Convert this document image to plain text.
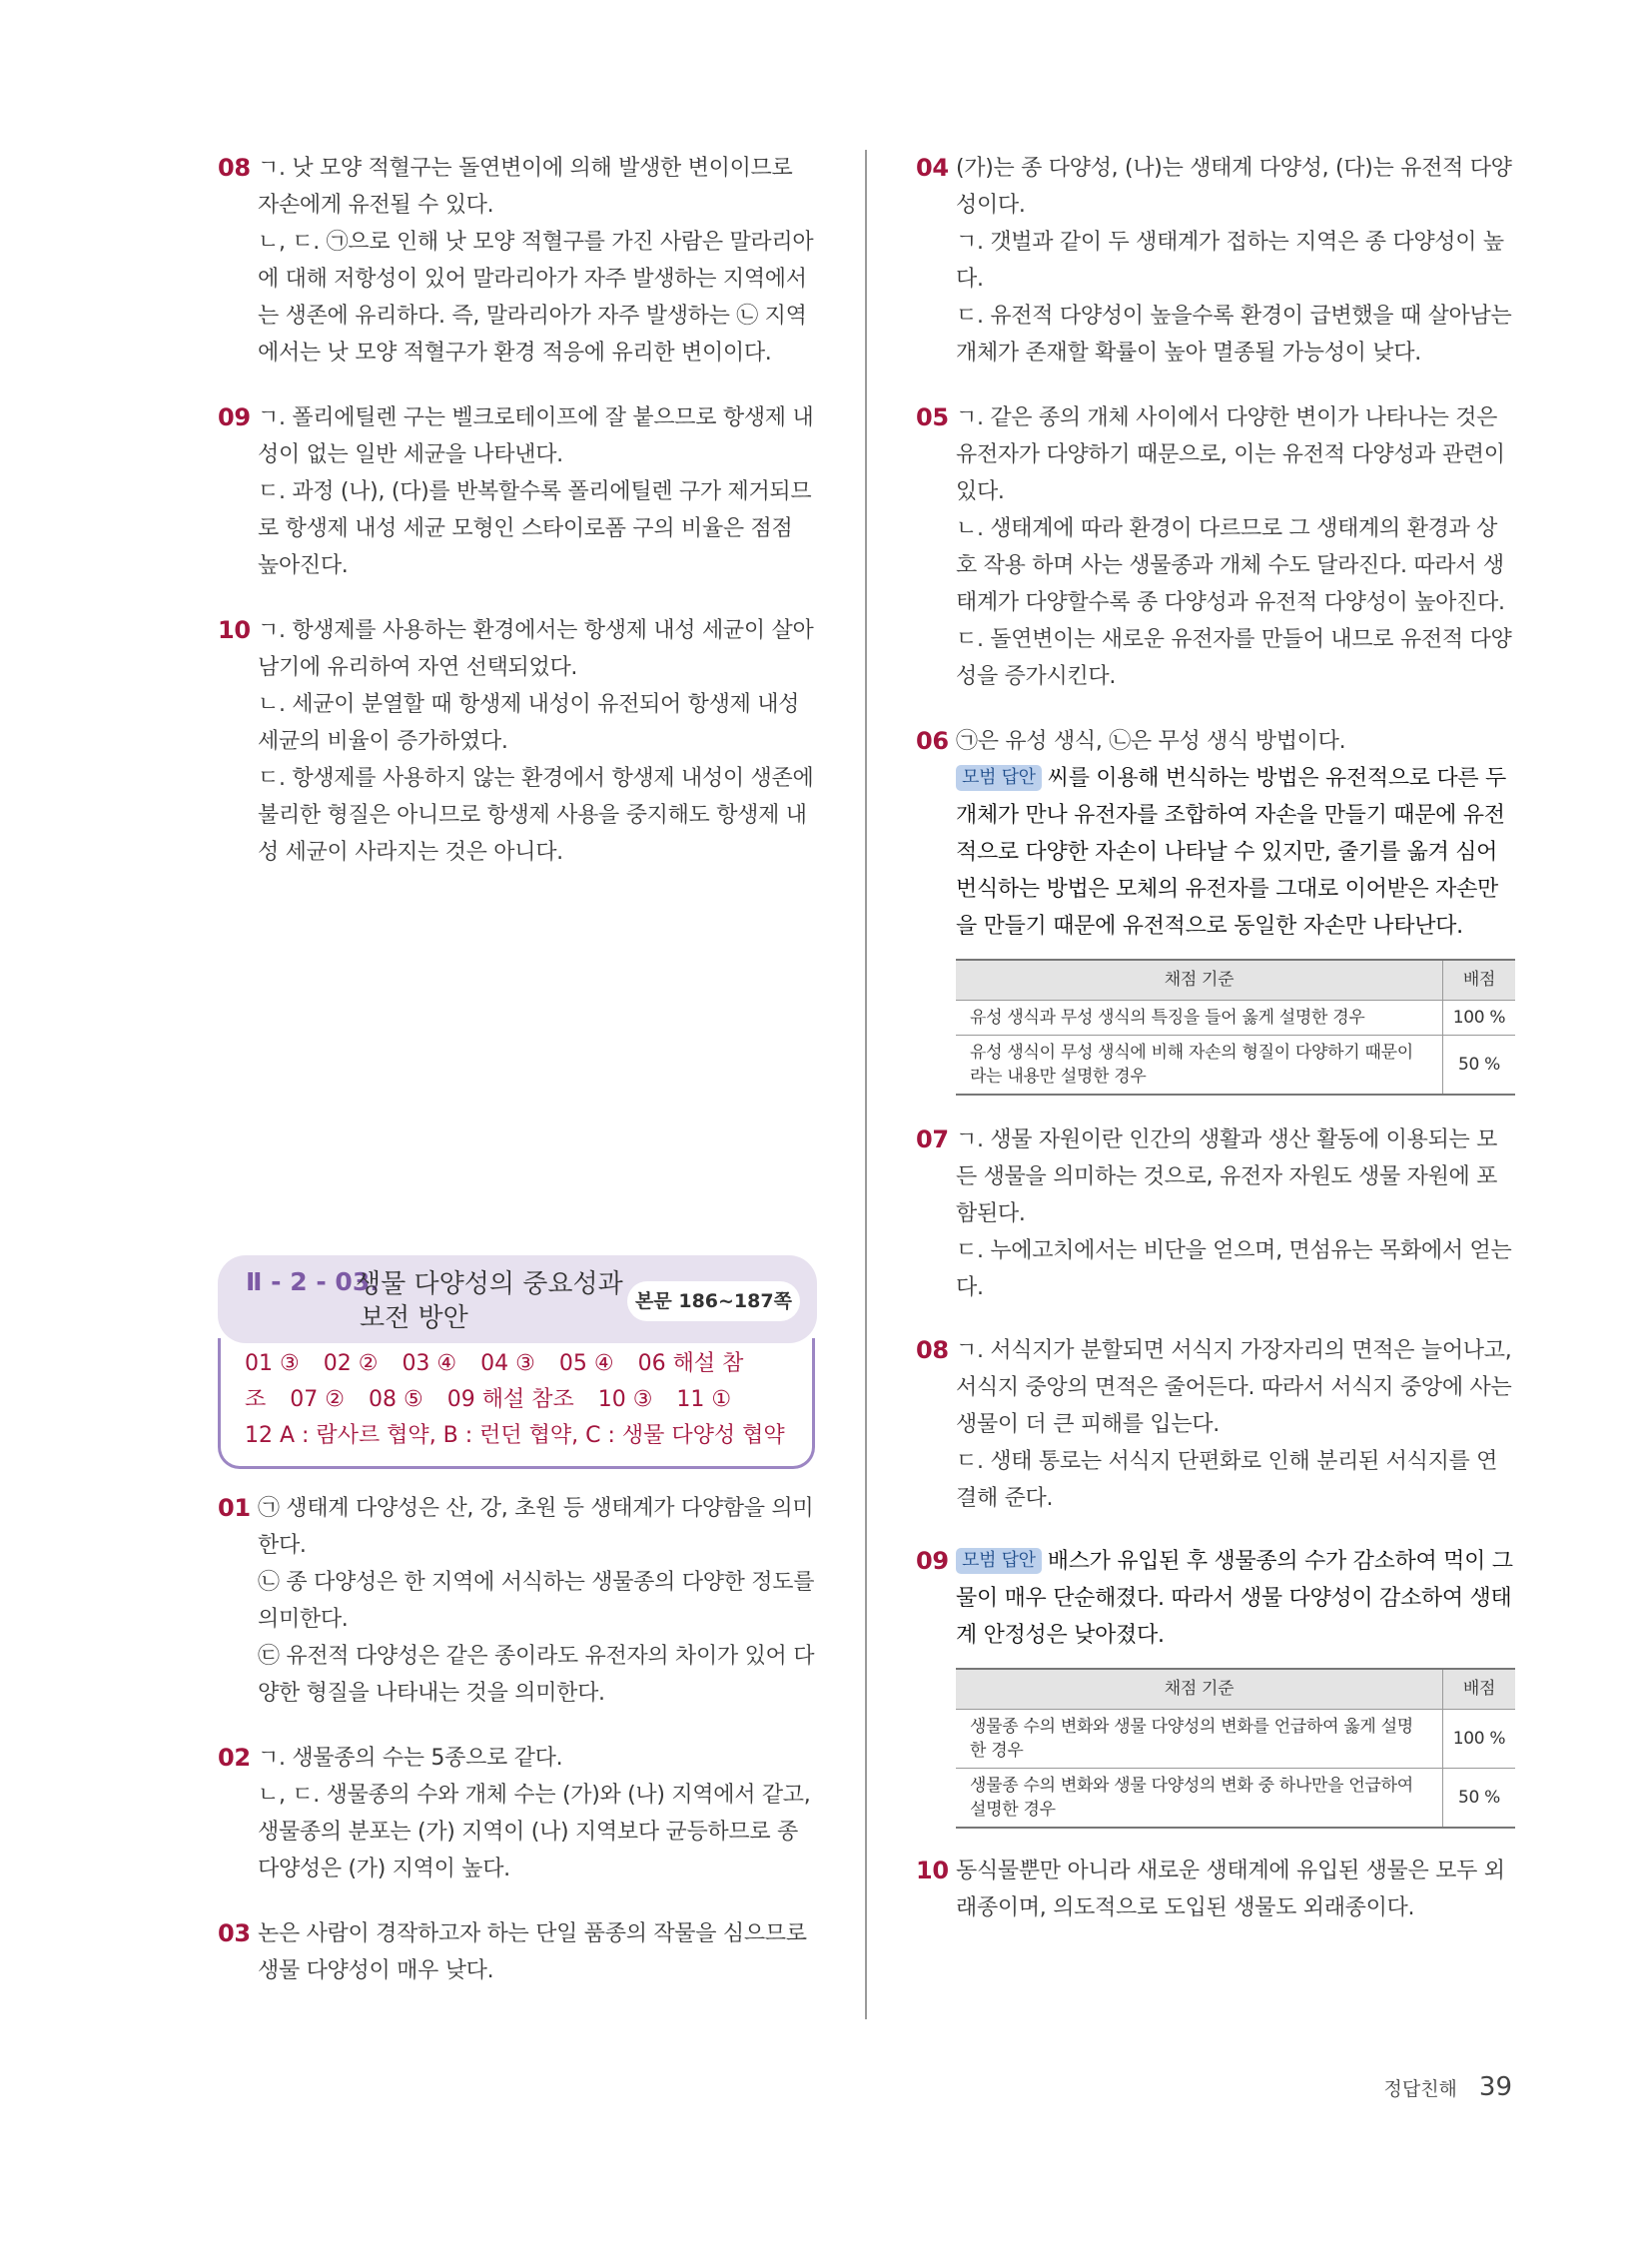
08 ㄱ. 낫 모양 적혈구는 돌연변이에 의해 발생한 변이이므로 자손에게 유전될 수 있다.

ㄴ, ㄷ. ㉠으로 인해 낫 모양 적혈구를 가진 사람은 말라리아에 대해 저항성이 있어 말라리아가 자주 발생하는 지역에서는 생존에 유리하다. 즉, 말라리아가 자주 발생하는 ㉡ 지역에서는 낫 모양 적혈구가 환경 적응에 유리한 변이이다.

09 ㄱ. 폴리에틸렌 구는 벨크로테이프에 잘 붙으므로 항생제 내성이 없는 일반 세균을 나타낸다.

ㄷ. 과정 (나), (다)를 반복할수록 폴리에틸렌 구가 제거되므로 항생제 내성 세균 모형인 스타이로폼 구의 비율은 점점 높아진다.

10 ㄱ. 항생제를 사용하는 환경에서는 항생제 내성 세균이 살아남기에 유리하여 자연 선택되었다.

ㄴ. 세균이 분열할 때 항생제 내성이 유전되어 항생제 내성 세균의 비율이 증가하였다.

ㄷ. 항생제를 사용하지 않는 환경에서 항생제 내성이 생존에 불리한 형질은 아니므로 항생제 사용을 중지해도 항생제 내성 세균이 사라지는 것은 아니다.

Ⅱ - 2 - 03.
생물 다양성의 중요성과
보전 방안
본문 186~187쪽
01 ③ 02 ② 03 ④ 04 ③ 05 ④ 06 해설 참
조 07 ② 08 ⑤ 09 해설 참조 10 ③ 11 ①
12 A : 람사르 협약, B : 런던 협약, C : 생물 다양성 협약
01 ㉠ 생태계 다양성은 산, 강, 초원 등 생태계가 다양함을 의미한다.

㉡ 종 다양성은 한 지역에 서식하는 생물종의 다양한 정도를 의미한다.

㉢ 유전적 다양성은 같은 종이라도 유전자의 차이가 있어 다양한 형질을 나타내는 것을 의미한다.

02 ㄱ. 생물종의 수는 5종으로 같다.

ㄴ, ㄷ. 생물종의 수와 개체 수는 (가)와 (나) 지역에서 같고, 생물종의 분포는 (가) 지역이 (나) 지역보다 균등하므로 종 다양성은 (가) 지역이 높다.

03 논은 사람이 경작하고자 하는 단일 품종의 작물을 심으므로 생물 다양성이 매우 낮다.

04 (가)는 종 다양성, (나)는 생태계 다양성, (다)는 유전적 다양성이다.

ㄱ. 갯벌과 같이 두 생태계가 접하는 지역은 종 다양성이 높다.

ㄷ. 유전적 다양성이 높을수록 환경이 급변했을 때 살아남는 개체가 존재할 확률이 높아 멸종될 가능성이 낮다.

05 ㄱ. 같은 종의 개체 사이에서 다양한 변이가 나타나는 것은 유전자가 다양하기 때문으로, 이는 유전적 다양성과 관련이 있다.

ㄴ. 생태계에 따라 환경이 다르므로 그 생태계의 환경과 상호 작용 하며 사는 생물종과 개체 수도 달라진다. 따라서 생태계가 다양할수록 종 다양성과 유전적 다양성이 높아진다.

ㄷ. 돌연변이는 새로운 유전자를 만들어 내므로 유전적 다양성을 증가시킨다.

06 ㉠은 유성 생식, ㉡은 무성 생식 방법이다.

모범 답안 씨를 이용해 번식하는 방법은 유전적으로 다른 두 개체가 만나 유전자를 조합하여 자손을 만들기 때문에 유전적으로 다양한 자손이 나타날 수 있지만, 줄기를 옮겨 심어 번식하는 방법은 모체의 유전자를 그대로 이어받은 자손만을 만들기 때문에 유전적으로 동일한 자손만 나타난다.

채점 기준	배점
유성 생식과 무성 생식의 특징을 들어 옳게 설명한 경우	100 %
유성 생식이 무성 생식에 비해 자손의 형질이 다양하기 때문이라는 내용만 설명한 경우	50 %
07 ㄱ. 생물 자원이란 인간의 생활과 생산 활동에 이용되는 모든 생물을 의미하는 것으로, 유전자 자원도 생물 자원에 포함된다.

ㄷ. 누에고치에서는 비단을 얻으며, 면섬유는 목화에서 얻는다.

08 ㄱ. 서식지가 분할되면 서식지 가장자리의 면적은 늘어나고, 서식지 중앙의 면적은 줄어든다. 따라서 서식지 중앙에 사는 생물이 더 큰 피해를 입는다.

ㄷ. 생태 통로는 서식지 단편화로 인해 분리된 서식지를 연결해 준다.

09 모범 답안 배스가 유입된 후 생물종의 수가 감소하여 먹이 그물이 매우 단순해졌다. 따라서 생물 다양성이 감소하여 생태계 안정성은 낮아졌다.

채점 기준	배점
생물종 수의 변화와 생물 다양성의 변화를 언급하여 옳게 설명한 경우	100 %
생물종 수의 변화와 생물 다양성의 변화 중 하나만을 언급하여 설명한 경우	50 %
10 동식물뿐만 아니라 새로운 생태계에 유입된 생물은 모두 외래종이며, 의도적으로 도입된 생물도 외래종이다.

정답친해 39
